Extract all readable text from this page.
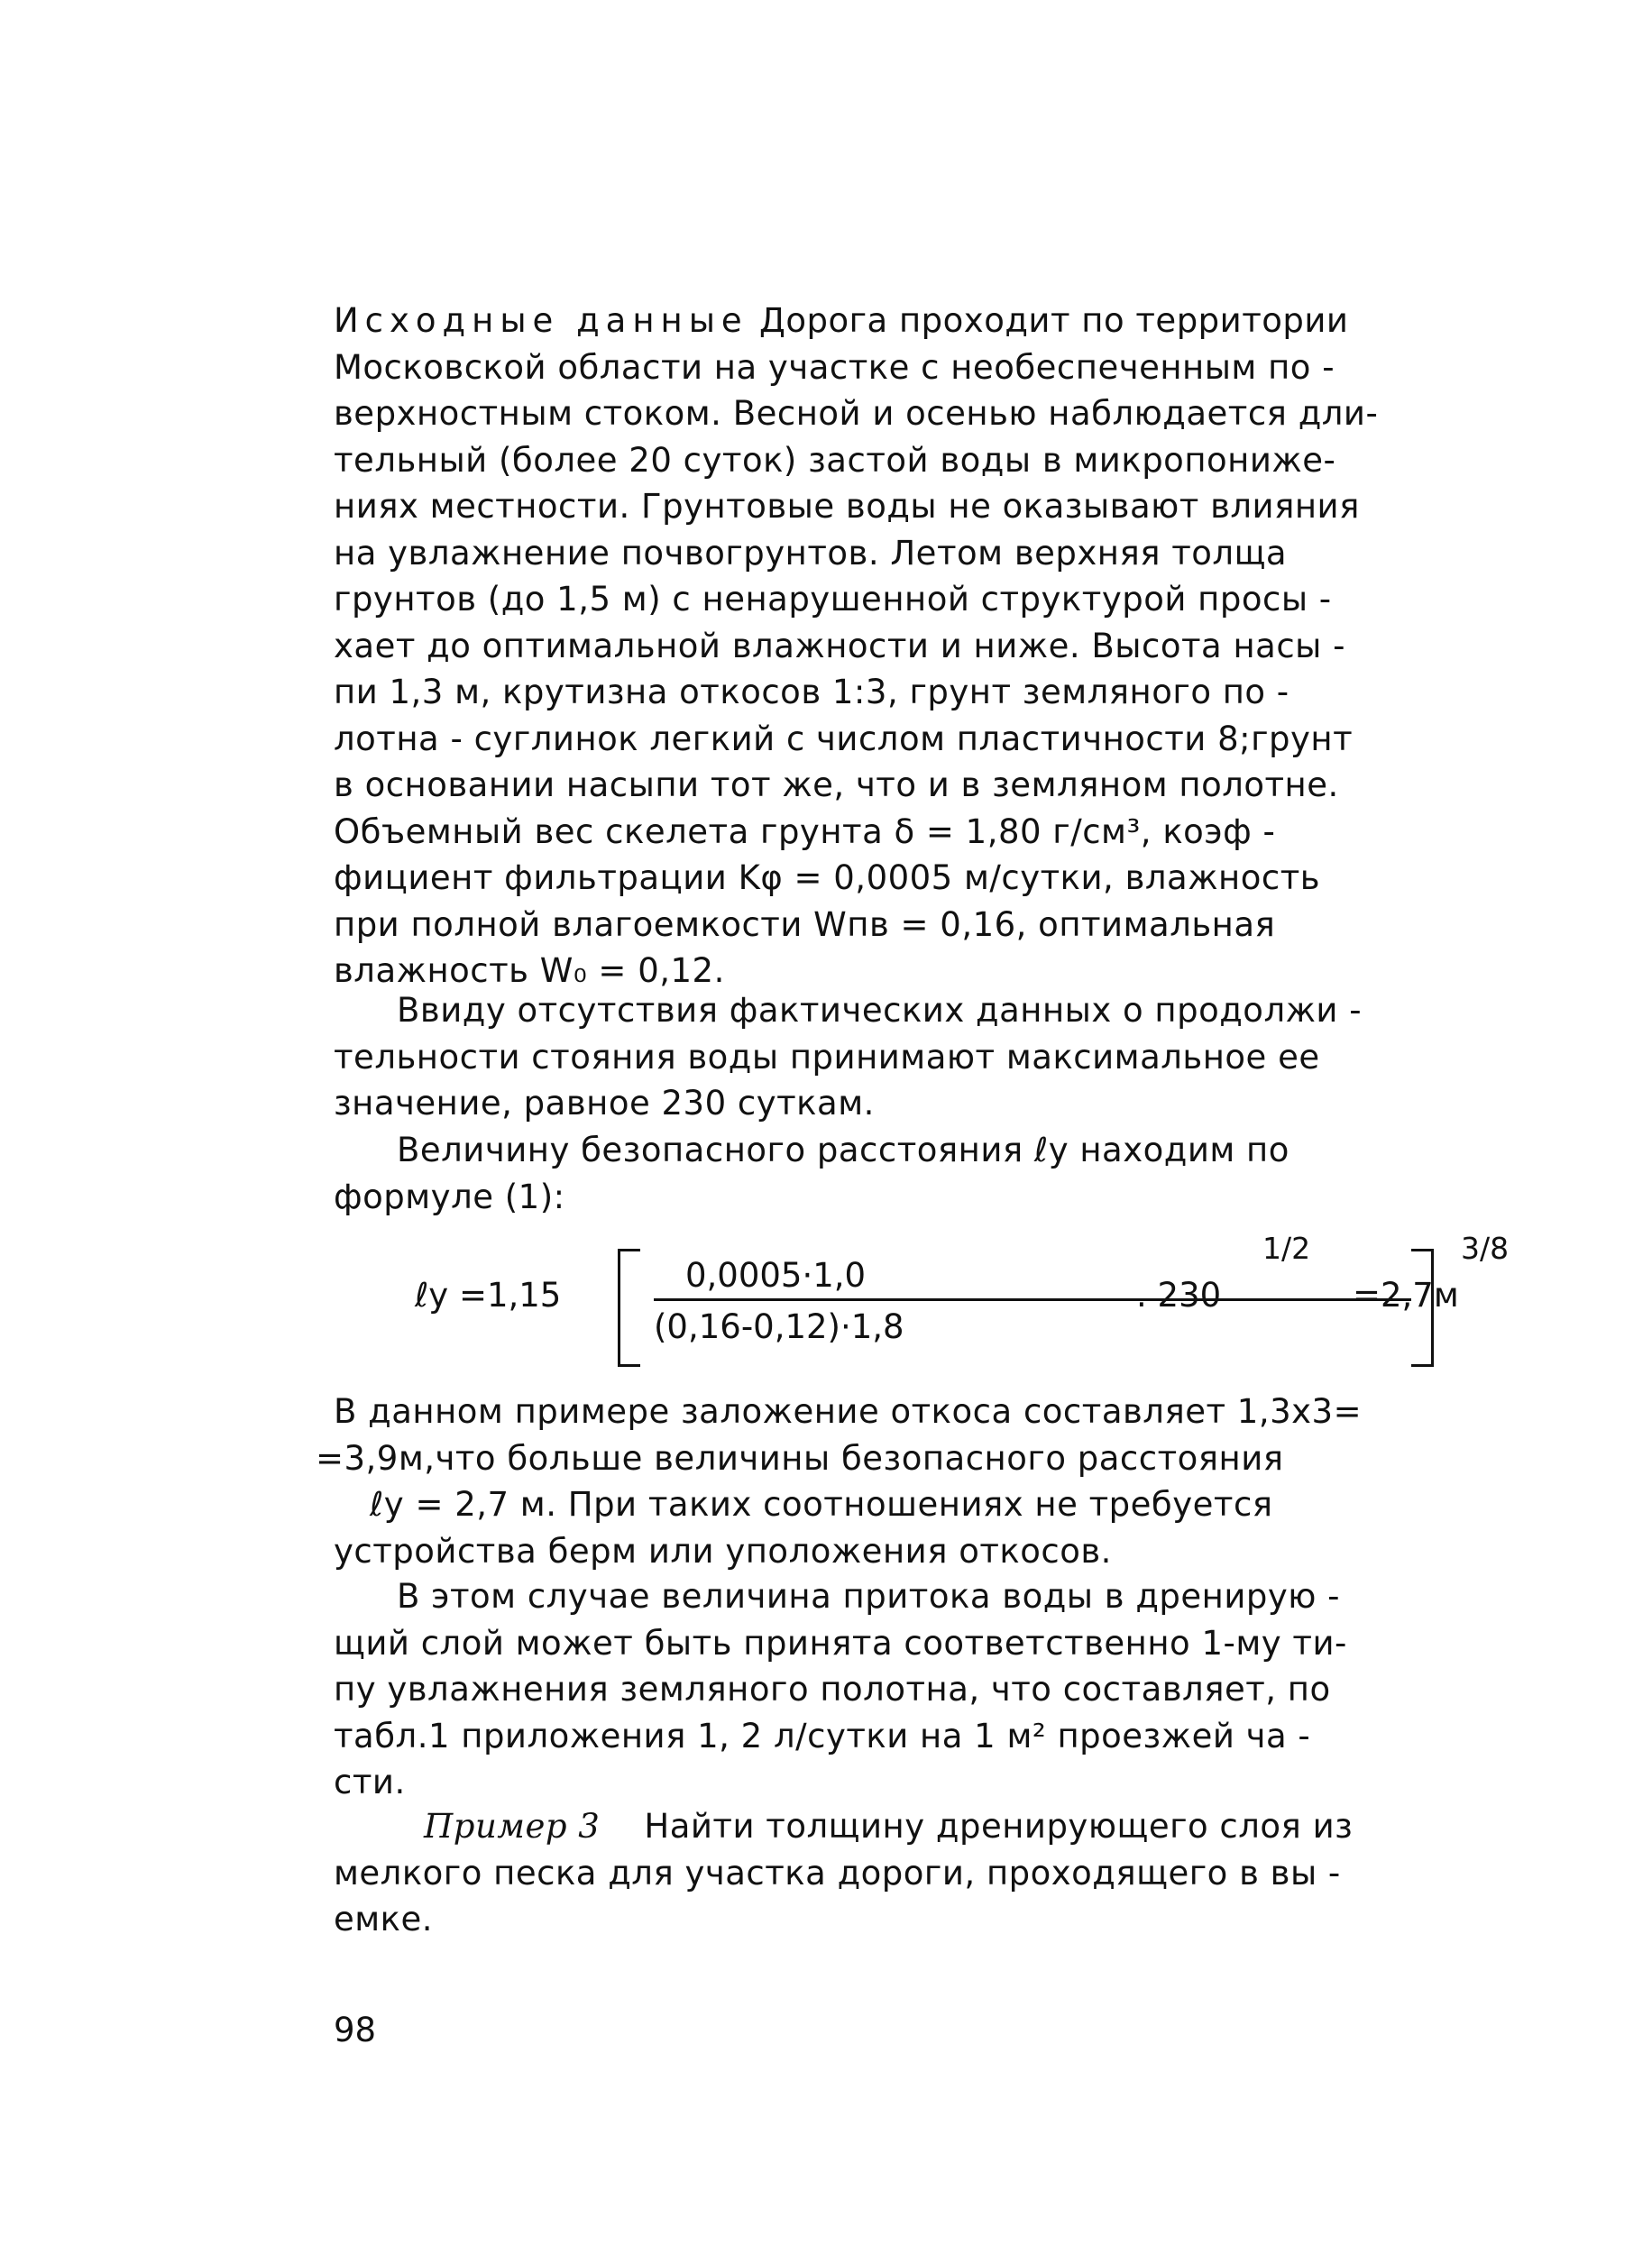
Исходные данные Дорога проходит по территории
Московской области на участке с необеспеченным по -
верхностным стоком. Весной и осенью наблюдается дли-
тельный (более 20 суток) застой воды в микропониже-
ниях местности. Грунтовые воды не оказывают влияния
на увлажнение почвогрунтов. Летом верхняя толща
грунтов (до 1,5 м) с ненарушенной структурой просы -
хает до оптимальной влажности и ниже. Высота насы -
пи 1,3 м, крутизна откосов 1:3, грунт земляного по -
лотна - суглинок легкий с числом пластичности 8;грунт
в основании насыпи тот же, что и в земляном полотне.
Объемный вес скелета грунта δ = 1,80 г/см³, коэф -
фициент фильтрации Kφ = 0,0005 м/сутки, влажность
при полной влагоемкости Wпв = 0,16, оптимальная
влажность W₀ = 0,12.
Ввиду отсутствия фактических данных о продолжи -
тельности стояния воды принимают максимальное ее
значение, равное 230 суткам.
Величину безопасного расстояния ℓу находим по
формуле (1):
ℓу =1,15
0,0005·1,0
(0,16-0,12)·1,8
3/8
1/2
. 230	=2,7м
В данном примере заложение откоса составляет 1,3х3=
=3,9м,что больше величины безопасного расстояния
ℓу = 2,7 м. При таких соотношениях не требуется
устройства берм или уположения откосов.
В этом случае величина притока воды в дренирую -
щий слой может быть принята соответственно 1-му ти-
пу увлажнения земляного полотна, что составляет, по
табл.1 приложения 1, 2 л/сутки на 1 м² проезжей ча -
сти.
Пример 3 Найти толщину дренирующего слоя из
мелкого песка для участка дороги, проходящего в вы -
емке.
98
